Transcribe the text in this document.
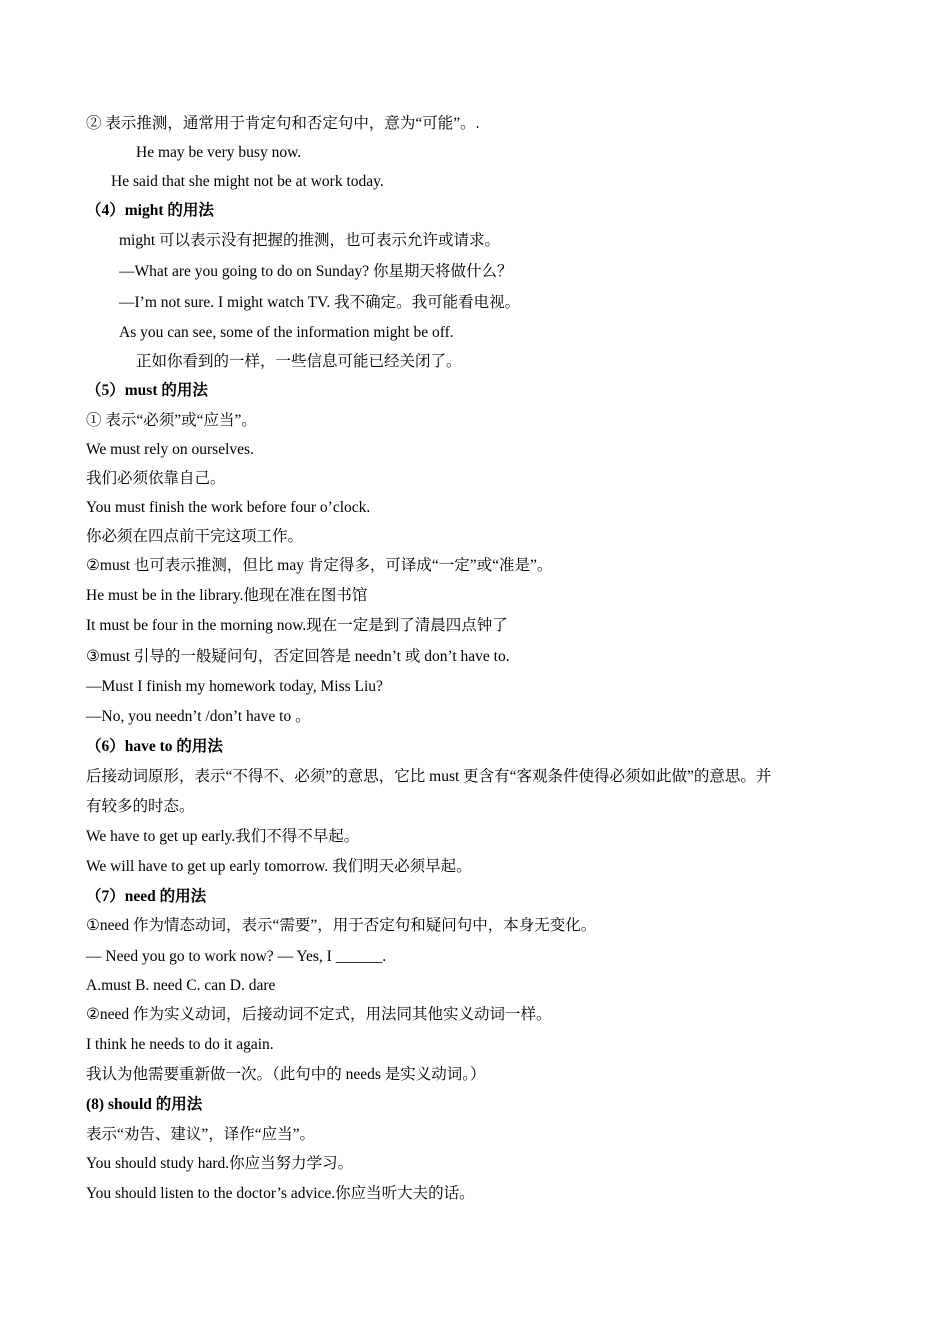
② 表示推测，通常用于肯定句和否定句中，意为“可能”。.
He may be very busy now.
He said that she might not be at work today.
（4）might 的用法
might 可以表示没有把握的推测，也可表示允许或请求。
—What are you going to do on Sunday? 你星期天将做什么？
—I’m not sure. I might watch TV. 我不确定。我可能看电视。
As you can see, some of the information might be off.
正如你看到的一样，一些信息可能已经关闭了。
（5）must 的用法
① 表示“必须”或“应当”。
We must rely on ourselves.
我们必须依靠自己。
You must finish the work before four o’clock.
你必须在四点前干完这项工作。
②must 也可表示推测，但比 may 肯定得多，可译成“一定”或“准是”。
He must be in the library.他现在准在图书馆
It must be four in the morning now.现在一定是到了清晨四点钟了
③must 引导的一般疑问句，否定回答是 needn’t 或 don’t have to.
—Must I finish my homework today, Miss Liu?
—No, you needn’t /don’t have to 。
（6）have to 的用法
后接动词原形，表示“不得不、必须”的意思，它比 must 更含有“客观条件使得必须如此做”的意思。并
有较多的时态。
We have to get up early.我们不得不早起。
We will have to get up early tomorrow. 我们明天必须早起。
（7）need 的用法
①need 作为情态动词，表示“需要”，用于否定句和疑问句中，本身无变化。
— Need you go to work now? — Yes, I ______.
A.must B. need C. can D. dare
②need 作为实义动词，后接动词不定式，用法同其他实义动词一样。
I think he needs to do it again.
我认为他需要重新做一次。（此句中的 needs 是实义动词。）
(8) should 的用法
表示“劝告、建议”，译作“应当”。
You should study hard.你应当努力学习。
You should listen to the doctor’s advice.你应当听大夫的话。
